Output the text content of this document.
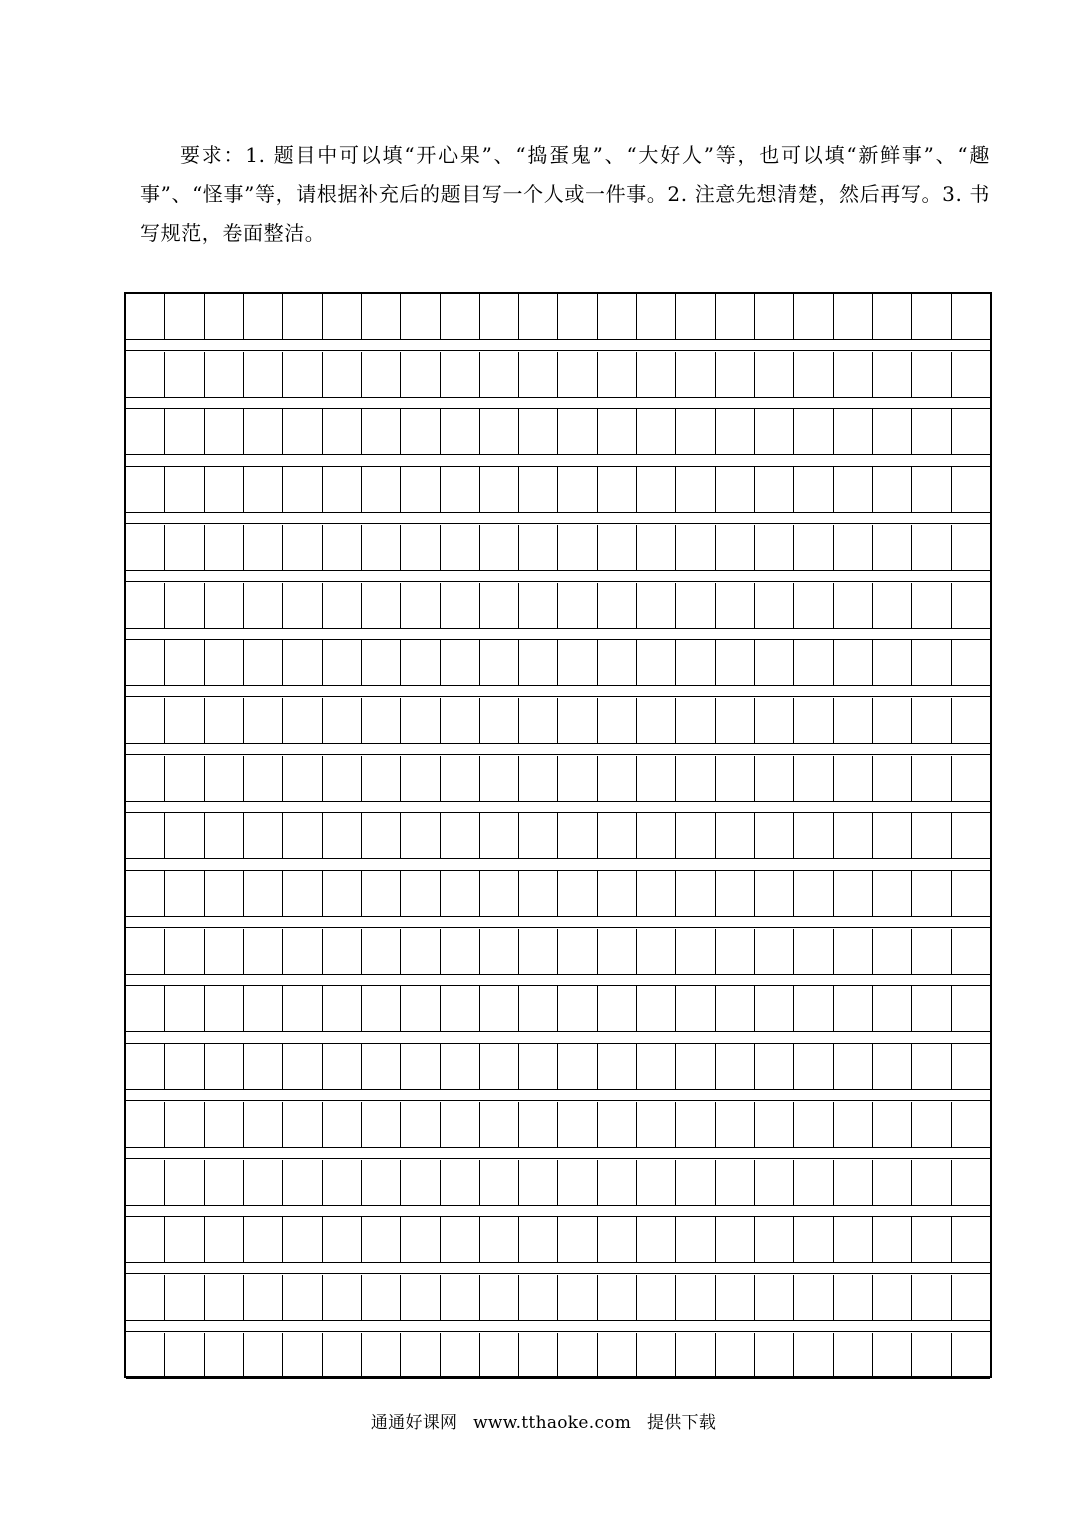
要求：1. 题目中可以填“开心果”、“捣蛋鬼”、“大好人”等，也可以填“新鲜事”、“趣事”、“怪事”等，请根据补充后的题目写一个人或一件事。2. 注意先想清楚，然后再写。3. 书写规范，卷面整洁。

通通好课网 www.tthaoke.com 提供下载
